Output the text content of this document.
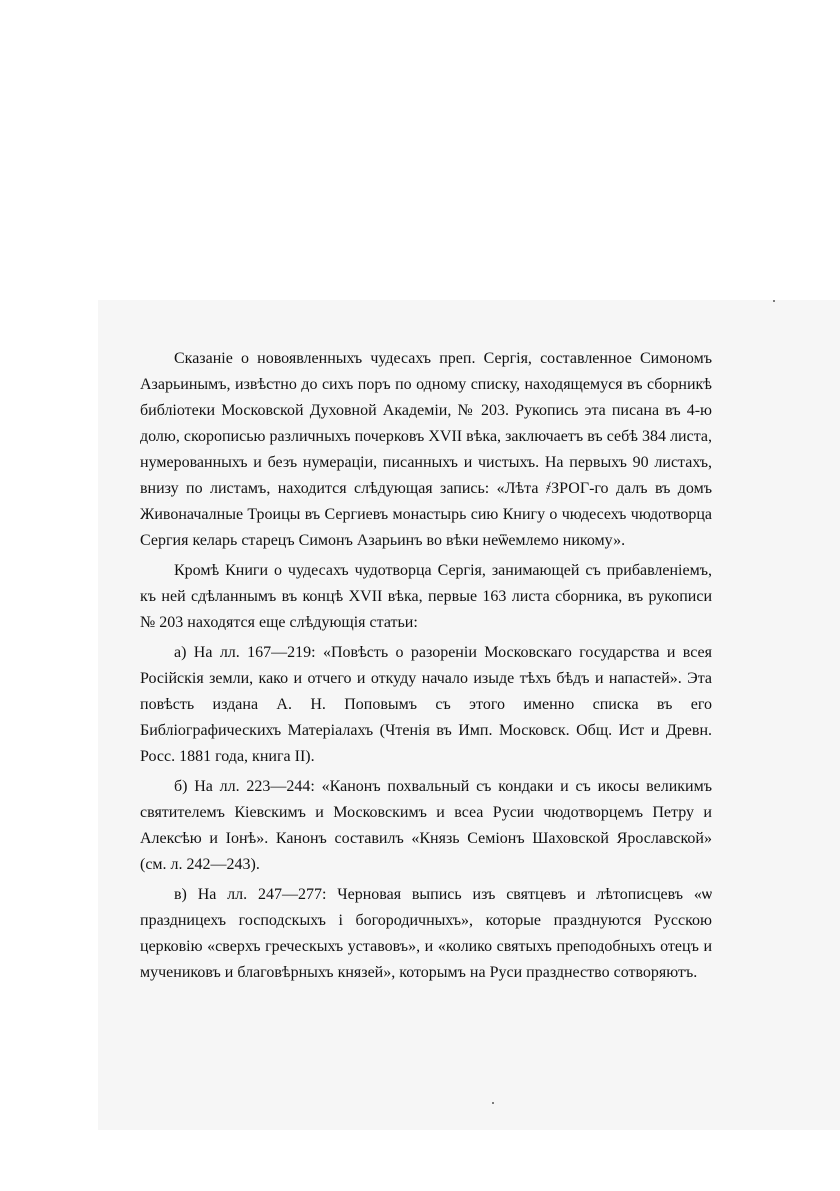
Сказаніе о новоявленныхъ чудесахъ преп. Сергія, составленное Симономъ Азарьинымъ, извѣстно до сихъ поръ по одному списку, находящемуся въ сборникѣ библіотеки Московской Духовной Академіи, № 203. Рукопись эта писана въ 4-ю долю, скорописью различныхъ почерковъ XVII вѣка, заключаетъ въ себѣ 384 листа, нумерованныхъ и безъ нумераціи, писанныхъ и чистыхъ. На первыхъ 90 листахъ, внизу по листамъ, находится слѣдующая запись: «Лѣта ҂ЗРОГ-го далъ въ домъ Живоначалные Троицы въ Сергиевъ монастырь сию Книгу о чюдесехъ чюдотворца Сергия келарь старецъ Симонъ Азарьинъ во вѣки неѿемлемо никому».

Кромѣ Книги о чудесахъ чудотворца Сергія, занимающей съ прибавленіемъ, къ ней сдѣланнымъ въ концѣ XVII вѣка, первые 163 листа сборника, въ рукописи № 203 находятся еще слѣдующія статьи:

а) На лл. 167—219: «Повѣсть о разореніи Московскаго государства и всея Російскія земли, како и отчего и откуду начало изыде тѣхъ бѣдъ и напастей». Эта повѣсть издана А. Н. Поповымъ съ этого именно списка въ его Библіографическихъ Матеріалахъ (Чтенія въ Имп. Московск. Общ. Ист и Древн. Росс. 1881 года, книга II).

б) На лл. 223—244: «Канонъ похвальный съ кондаки и съ икосы великимъ святителемъ Кіевскимъ и Московскимъ и всеа Русии чюдотворцемъ Петру и Алексѣю и Іонѣ». Канонъ составилъ «Князь Семіонъ Шаховской Ярославской» (см. л. 242—243).

в) На лл. 247—277: Черновая выпись изъ святцевъ и лѣтописцевъ «ѡ праздницехъ господскыхъ і богородичныхъ», которые празднуются Русскою церковію «сверхъ греческыхъ уставовъ», и «колико святыхъ преподобныхъ отецъ и мучениковъ и благовѣрныхъ князей», которымъ на Руси празднество сотворяютъ.
